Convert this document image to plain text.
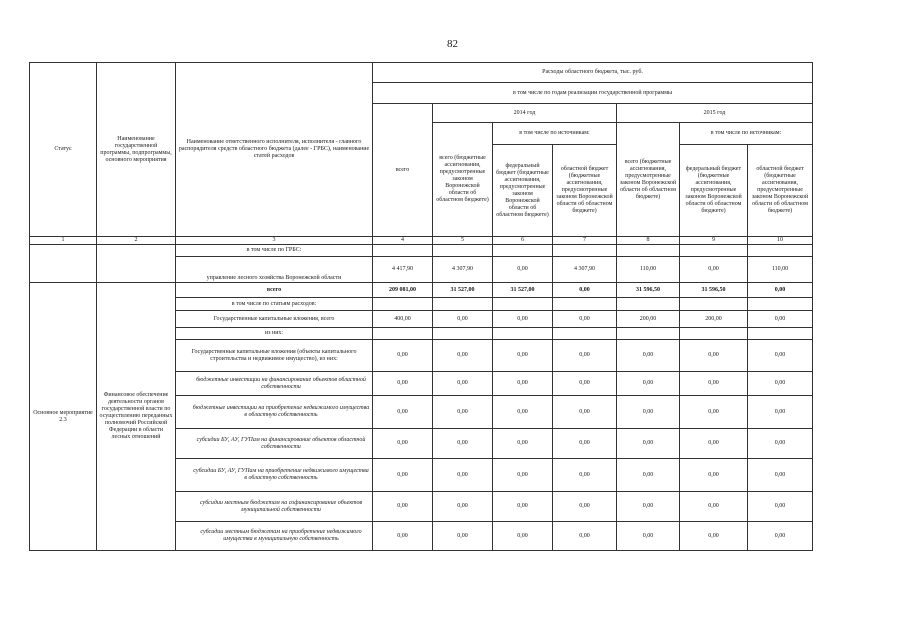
82
Статус	Наименование государственной программы, подпрограммы, основного мероприятия	Наименование ответственного исполнителя, исполнителя - главного распорядителя средств областного бюджета (далее - ГРБС), наименование статей расходов	Расходы областного бюджета, тыс. руб.						
			в том числе по годам реализации государственной программы						
			всего	2014 год			2015 год		
				всего (бюджетные ассигнования, предусмотренные законом Воронежской области об областном бюджете)	в том числе по источникам:		всего (бюджетные ассигнования, предусмотренные законом Воронежской области об областном бюджете)	в том числе по источникам:	
					федеральный бюджет (бюджетные ассигнования, предусмотренные законом Воронежской области об областном бюджете)	областной бюджет (бюджетные ассигнования, предусмотренные законом Воронежской области об областном бюджете)		федеральный бюджет (бюджетные ассигнования, предусмотренные законом Воронежской области об областном бюджете)	областной бюджет (бюджетные ассигнования, предусмотренные законом Воронежской области об областном бюджете)
1	2	3	4	5	6	7	8	9	10
		в том числе по ГРБС:							
		управление лесного хозяйства Воронежской области	4 417,90	4 307,90	0,00	4 307,90	110,00	0,00	110,00
Основное мероприятие 2.3	Финансовое обеспечение деятельности органов государственной власти по осуществлению переданных полномочий Российской Федерации в области лесных отношений	всего	209 081,00	31 527,00	31 527,00	0,00	31 596,50	31 596,50	0,00
		в том числе по статьям расходов:							
		Государственные капитальные вложения, всего	400,00	0,00	0,00	0,00	200,00	200,00	0,00
		из них:							
		Государственные капитальные вложения (объекты капитального строительства и недвижимое имущество), из них:	0,00	0,00	0,00	0,00	0,00	0,00	0,00
		бюджетные инвестиции на финансирование объектов областной собственности	0,00	0,00	0,00	0,00	0,00	0,00	0,00
		бюджетные инвестиции на приобретение недвижимого имущества в областную собственность	0,00	0,00	0,00	0,00	0,00	0,00	0,00
		субсидии БУ, АУ, ГУПам на финансирование объектов областной собственности	0,00	0,00	0,00	0,00	0,00	0,00	0,00
		субсидии БУ, АУ, ГУПам на приобретение недвижимого имущества в областную собственность	0,00	0,00	0,00	0,00	0,00	0,00	0,00
		субсидии местным бюджетам на софинансирование объектов муниципальной собственности	0,00	0,00	0,00	0,00	0,00	0,00	0,00
		субсидии местным бюджетам на приобретение недвижимого имущества в муниципальную собственность	0,00	0,00	0,00	0,00	0,00	0,00	0,00
